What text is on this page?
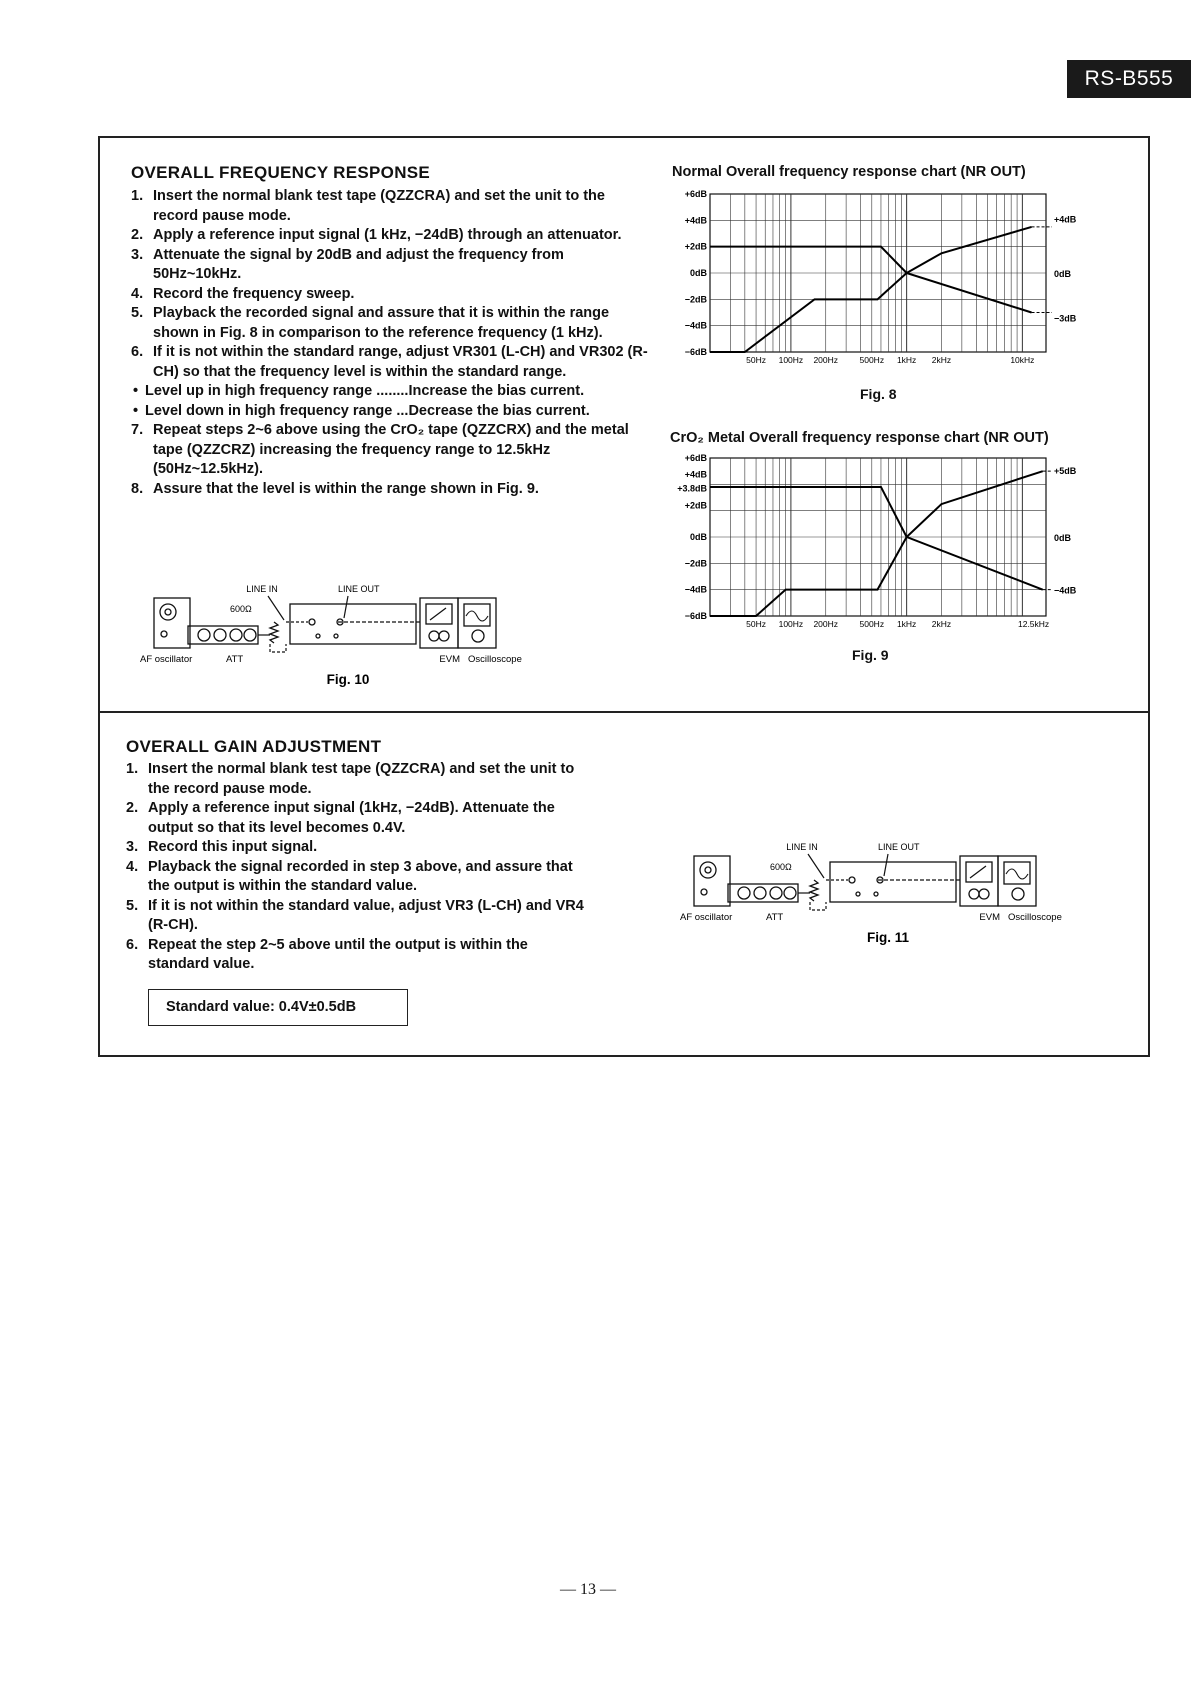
RS-B555
OVERALL FREQUENCY RESPONSE
1. Insert the normal blank test tape (QZZCRA) and set the unit to the record pause mode.
2. Apply a reference input signal (1 kHz, −24dB) through an attenuator.
3. Attenuate the signal by 20dB and adjust the frequency from 50Hz~10kHz.
4. Record the frequency sweep.
5. Playback the recorded signal and assure that it is within the range shown in Fig. 8 in comparison to the reference frequency (1 kHz).
6. If it is not within the standard range, adjust VR301 (L-CH) and VR302 (R-CH) so that the frequency level is within the standard range.
• Level up in high frequency range ........Increase the bias current.
• Level down in high frequency range ...Decrease the bias current.
7. Repeat steps 2~6 above using the CrO₂ tape (QZZCRX) and the metal tape (QZZCRZ) increasing the frequency range to 12.5kHz (50Hz~12.5kHz).
8. Assure that the level is within the range shown in Fig. 9.
OVERALL GAIN ADJUSTMENT
1. Insert the normal blank test tape (QZZCRA) and set the unit to the record pause mode.
2. Apply a reference input signal (1kHz, −24dB). Attenuate the output so that its level becomes 0.4V.
3. Record this input signal.
4. Playback the signal recorded in step 3 above, and assure that the output is within the standard value.
5. If it is not within the standard value, adjust VR3 (L-CH) and VR4 (R-CH).
6. Repeat the step 2~5 above until the output is within the standard value.
Standard value: 0.4V±0.5dB
Normal Overall frequency response chart (NR OUT)
CrO₂ Metal Overall frequency response chart (NR OUT)
+6dB
+4dB
+2dB
0dB
−2dB
−4dB
−6dB
+4dB
0dB
−3dB
50Hz 100Hz 200Hz	500Hz 1kHz 2kHz	10kHz
+6dB
+4dB
+3.8dB
+2dB
0dB
−2dB
−4dB
−6dB
+5dB
0dB
−4dB
50Hz 100Hz 200Hz	500Hz 1kHz 2kHz	12.5kHz
Fig. 8
Fig. 9
LINE IN	LINE OUT
600Ω
AF oscillator	ATT	EVM Oscilloscope
Fig. 10
LINE IN	LINE OUT
600Ω
AF oscillator	ATT	EVM Oscilloscope
Fig. 11
— 13 —
